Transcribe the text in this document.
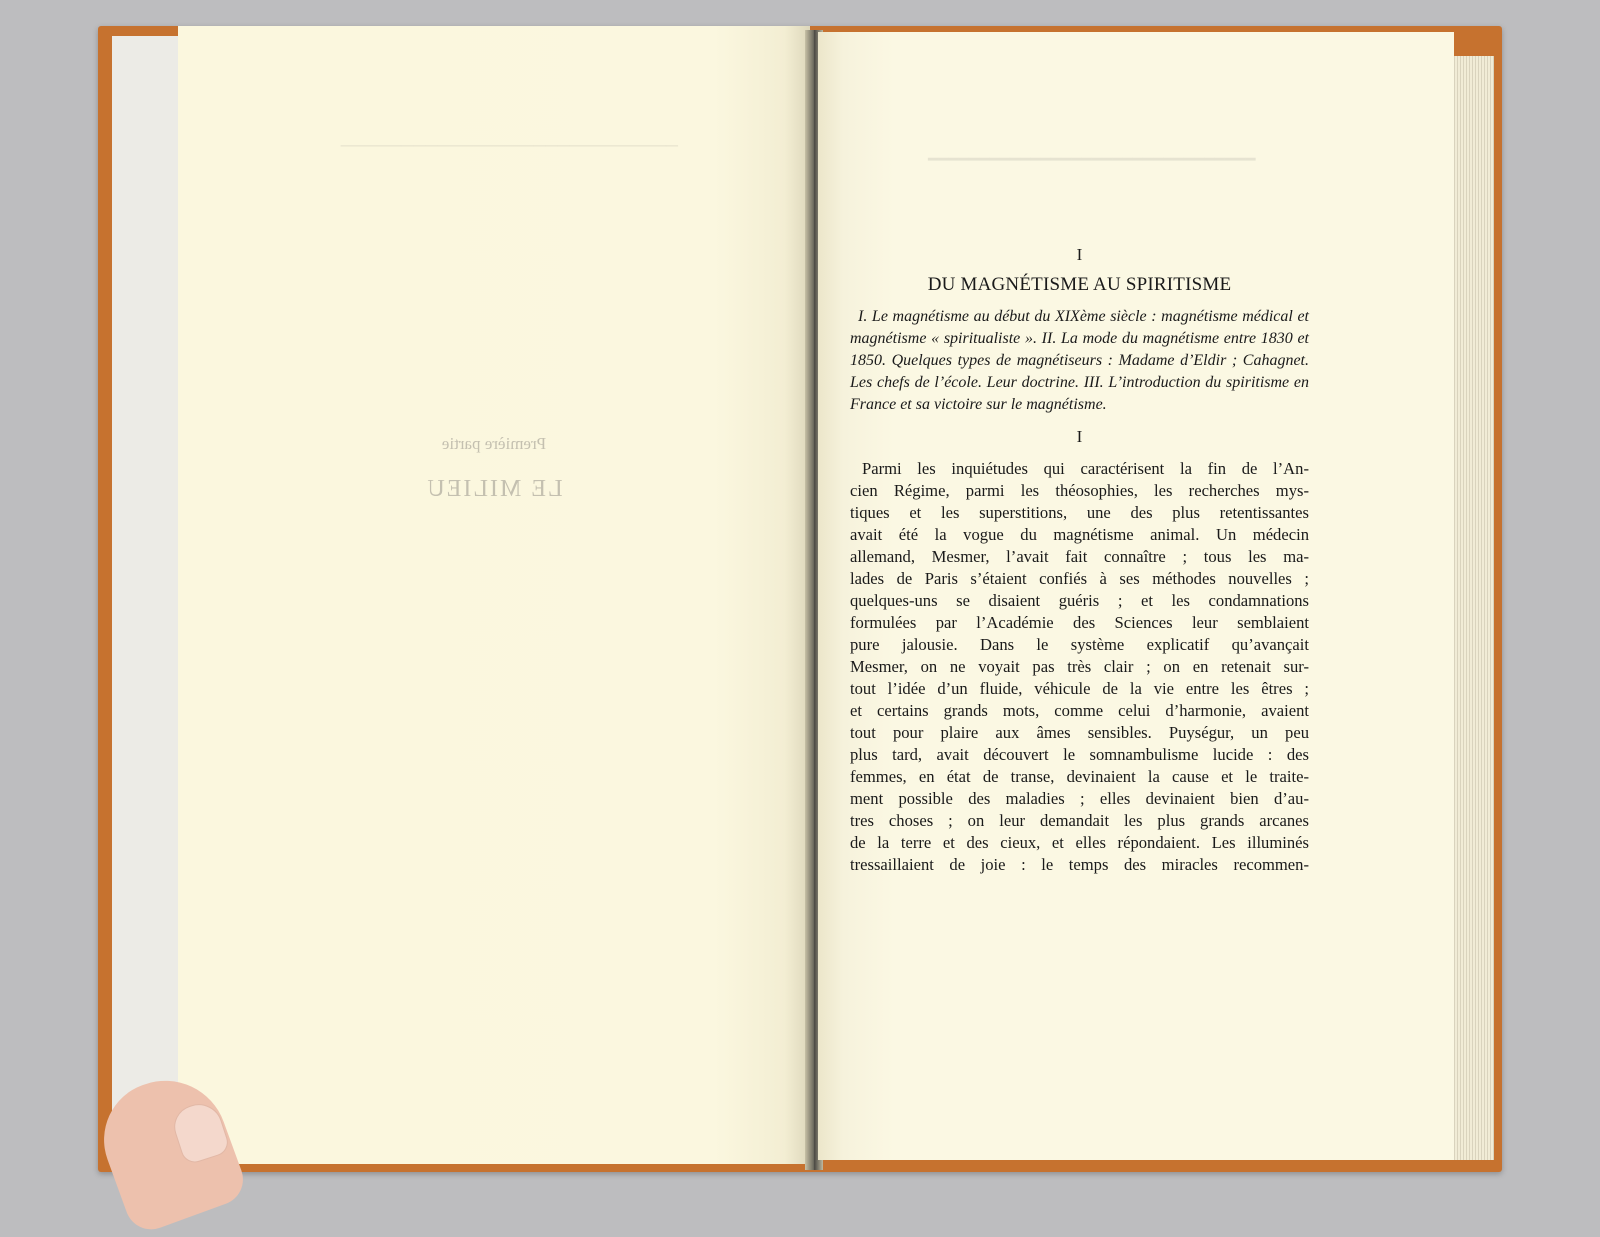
────────────────────────────
Première partie
LE MILIEU
━━━━━━━━━━━━━━━━━━━━━━━━━━━━━━━━
I
DU MAGNÉTISME AU SPIRITISME
I. Le magnétisme au début du XIXème siècle : magnétisme médical et magnétisme « spiritualiste ». II. La mode du magnétisme entre 1830 et 1850. Quelques types de magnétiseurs : Madame d’Eldir ; Cahagnet. Les chefs de l’école. Leur doctrine. III. L’introduction du spiritisme en France et sa victoire sur le magnétisme.
I
Parmi les inquiétudes qui caractérisent la fin de l’An-
cien Régime, parmi les théosophies, les recherches mys-
tiques et les superstitions, une des plus retentissantes
avait été la vogue du magnétisme animal. Un médecin
allemand, Mesmer, l’avait fait connaître ; tous les ma-
lades de Paris s’étaient confiés à ses méthodes nouvelles ;
quelques-uns se disaient guéris ; et les condamnations
formulées par l’Académie des Sciences leur semblaient
pure jalousie. Dans le système explicatif qu’avançait
Mesmer, on ne voyait pas très clair ; on en retenait sur-
tout l’idée d’un fluide, véhicule de la vie entre les êtres ;
et certains grands mots, comme celui d’harmonie, avaient
tout pour plaire aux âmes sensibles. Puységur, un peu
plus tard, avait découvert le somnambulisme lucide : des
femmes, en état de transe, devinaient la cause et le traite-
ment possible des maladies ; elles devinaient bien d’au-
tres choses ; on leur demandait les plus grands arcanes
de la terre et des cieux, et elles répondaient. Les illuminés
tressaillaient de joie : le temps des miracles recommen-
